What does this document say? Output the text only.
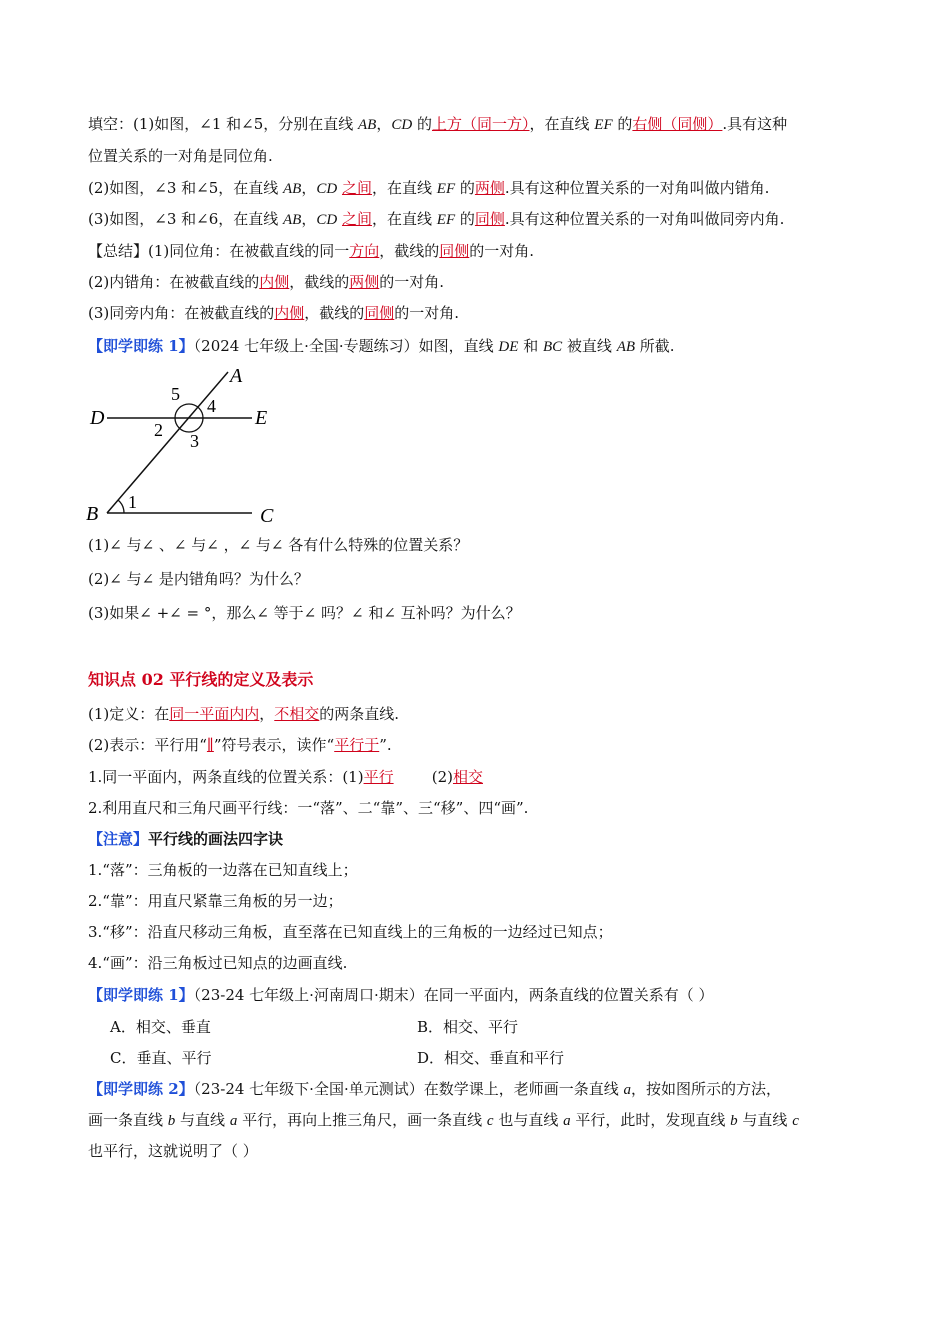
填空：(1)如图，∠1 和∠5，分别在直线 AB，CD 的上方（同一方），在直线 EF 的右侧（同侧）.具有这种
位置关系的一对角是同位角.
(2)如图，∠3 和∠5，在直线 AB，CD 之间，在直线 EF 的两侧.具有这种位置关系的一对角叫做内错角.
(3)如图，∠3 和∠6，在直线 AB，CD 之间，在直线 EF 的同侧.具有这种位置关系的一对角叫做同旁内角.
【总结】(1)同位角：在被截直线的同一方向，截线的同侧的一对角.
(2)内错角：在被截直线的内侧，截线的两侧的一对角.
(3)同旁内角：在被截直线的内侧，截线的同侧的一对角.
【即学即练 1】（2024 七年级上·全国·专题练习）如图，直线 DE 和 BC 被直线 AB 所截.
A
D	E
B	C
1
2
3
4
5
(1)∠ 与∠ 、∠ 与∠ ，∠ 与∠ 各有什么特殊的位置关系？
(2)∠ 与∠ 是内错角吗？为什么？
(3)如果∠ +∠ = °，那么∠ 等于∠ 吗？∠ 和∠ 互补吗？为什么？
知识点 02 平行线的定义及表示
(1)定义：在同一平面内内，不相交的两条直线.
(2)表示：平行用“∥”符号表示，读作“平行于”.
1.同一平面内，两条直线的位置关系：(1)平行        (2)相交
2.利用直尺和三角尺画平行线：一“落”、二“靠”、三“移”、四“画”.
【注意】平行线的画法四字诀
1.“落”：三角板的一边落在已知直线上；
2.“靠”：用直尺紧靠三角板的另一边；
3.“移”：沿直尺移动三角板，直至落在已知直线上的三角板的一边经过已知点；
4.“画”：沿三角板过已知点的边画直线.
【即学即练 1】（23-24 七年级上·河南周口·期末）在同一平面内，两条直线的位置关系有（ ）
A．相交、垂直	B．相交、平行
C．垂直、平行	D．相交、垂直和平行
【即学即练 2】（23-24 七年级下·全国·单元测试）在数学课上，老师画一条直线 a，按如图所示的方法，
画一条直线 b 与直线 a 平行，再向上推三角尺，画一条直线 c 也与直线 a 平行，此时，发现直线 b 与直线 c
也平行，这就说明了（ ）
